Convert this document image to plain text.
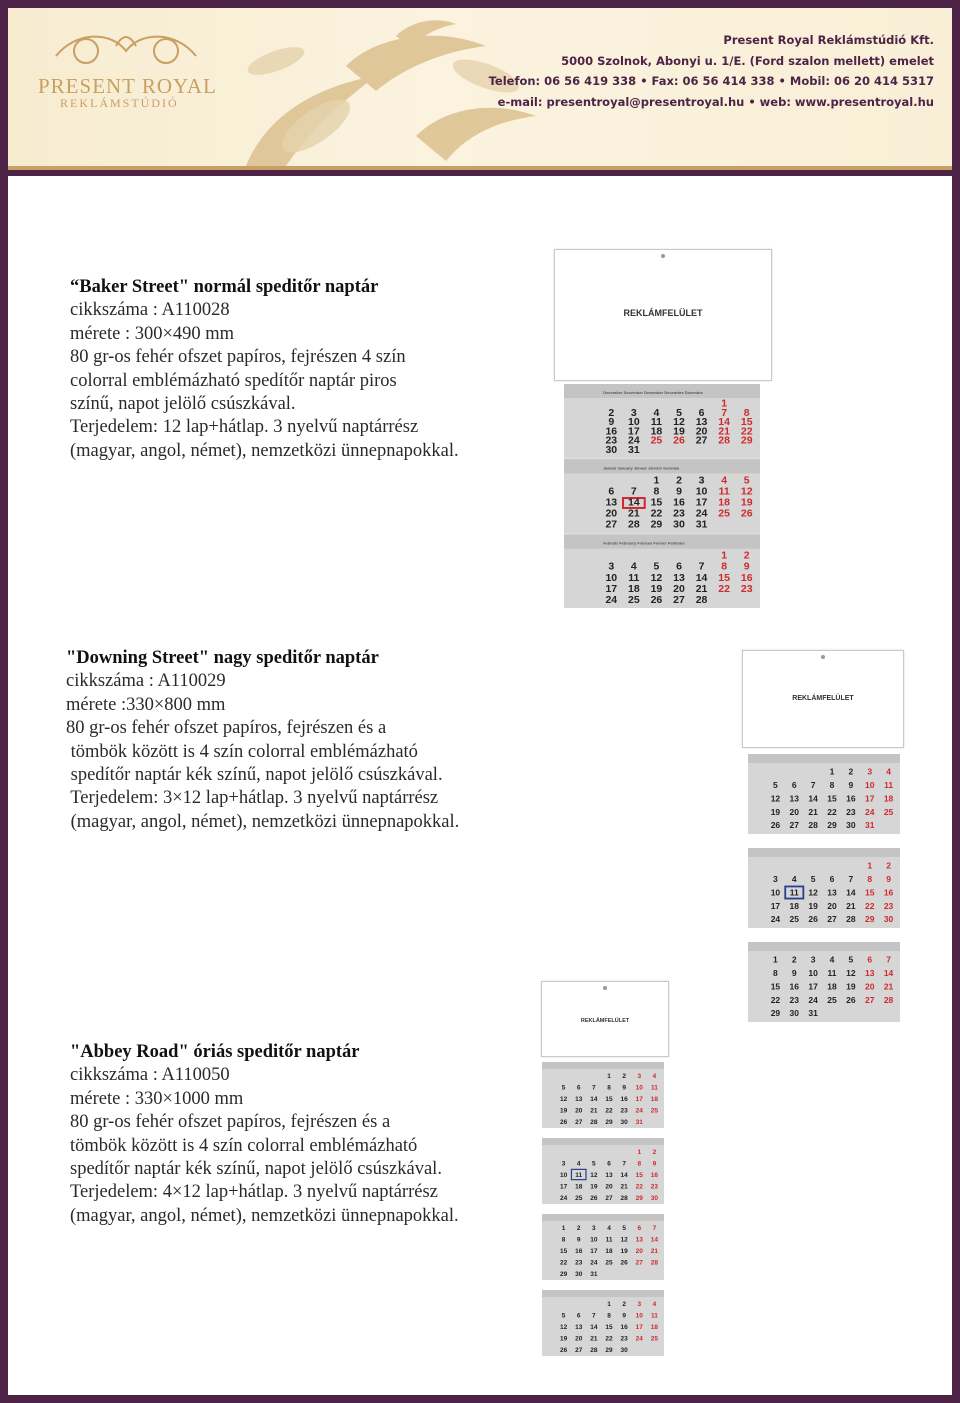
PRESENT ROYAL
REKLÁMSTÚDIÓ
Present Royal Reklámstúdió Kft.
5000 Szolnok, Abonyi u. 1/E. (Ford szalon mellett) emelet
Telefon: 06 56 419 338 • Fax: 06 56 414 338 • Mobil: 06 20 414 5317
e-mail: presentroyal@presentroyal.hu • web: www.presentroyal.hu
“Baker Street" normál speditőr naptár
cikkszáma : A110028
mérete : 300×490 mm
80 gr-os fehér ofszet papíros, fejrészen 4 szín
colorral emblémázható spedítőr naptár piros
színű, napot jelölő csúszkával.
Terjedelem: 12 lap+hátlap. 3 nyelvű naptárrész
(magyar, angol, német), nemzetközi ünnepnapokkal.
"Downing Street" nagy speditőr naptár
cikkszáma : A110029
mérete :330×800 mm
80 gr-os fehér ofszet papíros, fejrészen és a
tömbök között is 4 szín colorral emblémázható
spedítőr naptár kék színű, napot jelölő csúszkával.
Terjedelem: 3×12 lap+hátlap. 3 nyelvű naptárrész
(magyar, angol, német), nemzetközi ünnepnapokkal.
"Abbey Road" óriás speditőr naptár
cikkszáma : A110050
mérete : 330×1000 mm
80 gr-os fehér ofszet papíros, fejrészen és a
tömbök között is 4 szín colorral emblémázható
spedítőr naptár kék színű, napot jelölő csúszkával.
Terjedelem: 4×12 lap+hátlap. 3 nyelvű naptárrész
(magyar, angol, német), nemzetközi ünnepnapokkal.
REKLÁMFELÜLET
December December Dezember Decembre Dicembre
1
2 3 4 5 6 7 8
9 10 11 12 13 14 15
16 17 18 19 20 21 22
23 24 25 26 27 28 29
30 31
Január January Januar Janvier Gennaio
1 2 3 4 5
6 7 8 9 10 11 12
13 14 15 16 17 18 19
20 21 22 23 24 25 26
27 28 29 30 31
Február February Februar Février Febbraio
1 2
3 4 5 6 7 8 9
10 11 12 13 14 15 16
17 18 19 20 21 22 23
24 25 26 27 28
REKLÁMFELÜLET
1 2 3 4
5 6 7 8 9 10 11
12 13 14 15 16 17 18
19 20 21 22 23 24 25
26 27 28 29 30 31
1 2
3 4 5 6 7 8 9
10 11 12 13 14 15 16
17 18 19 20 21 22 23
24 25 26 27 28 29 30
1 2 3 4 5 6 7
8 9 10 11 12 13 14
15 16 17 18 19 20 21
22 23 24 25 26 27 28
29 30 31
REKLÁMFELÜLET
1 2 3 4
5 6 7 8 9 10 11
12 13 14 15 16 17 18
19 20 21 22 23 24 25
26 27 28 29 30 31
1 2
3 4 5 6 7 8 9
10 11 12 13 14 15 16
17 18 19 20 21 22 23
24 25 26 27 28 29 30
1 2 3 4 5 6 7
8 9 10 11 12 13 14
15 16 17 18 19 20 21
22 23 24 25 26 27 28
29 30 31
1 2 3 4
5 6 7 8 9 10 11
12 13 14 15 16 17 18
19 20 21 22 23 24 25
26 27 28 29 30
